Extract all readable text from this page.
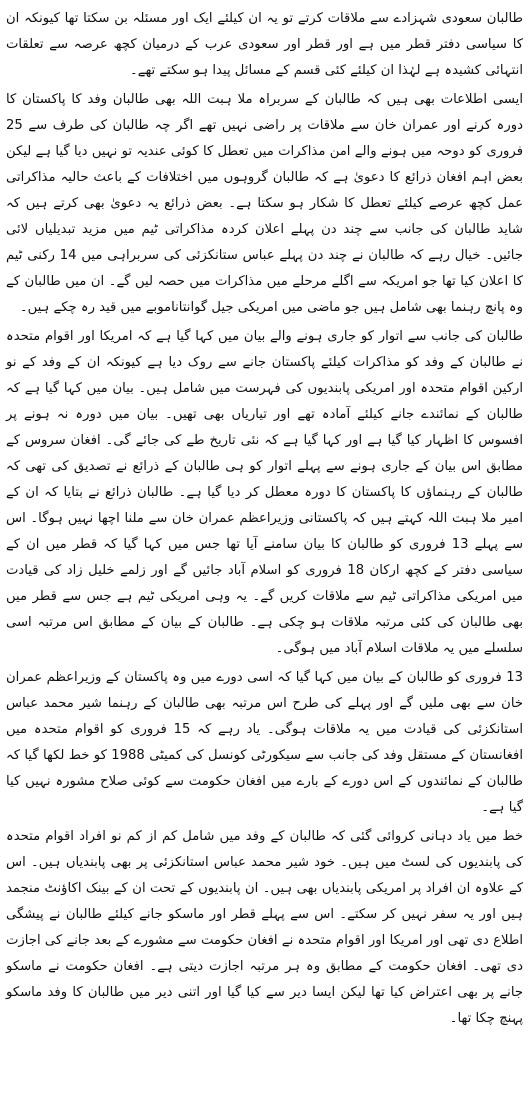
طالبان سعودی شہزادے سے ملاقات کرتے تو یہ ان کیلئے ایک اور مسئلہ بن سکتا تھا کیونکہ ان کا سیاسی دفتر قطر میں ہے اور قطر اور سعودی عرب کے درمیان کچھ عرصہ سے تعلقات انتہائی کشیدہ ہے لہٰذا ان کیلئے کئی قسم کے مسائل پیدا ہو سکتے تھے۔

ایسی اطلاعات بھی ہیں کہ طالبان کے سربراہ ملا ہبت اللہ بھی طالبان وفد کا پاکستان کا دورہ کرنے اور عمران خان سے ملاقات پر راضی نہیں تھے اگر چہ طالبان کی طرف سے 25 فروری کو دوحہ میں ہونے والے امن مذاکرات میں تعطل کا کوئی عندیہ تو نہیں دیا گیا ہے لیکن بعض اہم افغان ذرائع کا دعویٰ ہے کہ طالبان گروہوں میں اختلافات کے باعث حالیہ مذاکراتی عمل کچھ عرصے کیلئے تعطل کا شکار ہو سکتا ہے۔ بعض ذرائع یہ دعویٰ بھی کرتے ہیں کہ شاید طالبان کی جانب سے چند دن پہلے اعلان کردہ مذاکراتی ٹیم میں مزید تبدیلیاں لائی جائیں۔ خیال رہے کہ طالبان نے چند دن پہلے عباس ستانکزئی کی سربراہی میں 14 رکنی ٹیم کا اعلان کیا تھا جو امریکہ سے اگلے مرحلے میں مذاکرات میں حصہ لیں گے۔ ان میں طالبان کے وہ پانچ رہنما بھی شامل ہیں جو ماضی میں امریکی جیل گوانتاناموبے میں قید رہ چکے ہیں۔

طالبان کی جانب سے اتوار کو جاری ہونے والے بیان میں کہا گیا ہے کہ امریکا اور اقوام متحدہ نے طالبان کے وفد کو مذاکرات کیلئے پاکستان جانے سے روک دیا ہے کیونکہ ان کے وفد کے نو ارکین اقوام متحدہ اور امریکی پابندیوں کی فہرست میں شامل ہیں۔ بیان میں کہا گیا ہے کہ طالبان کے نمائندے جانے کیلئے آمادہ تھے اور تیاریاں بھی تھیں۔ بیان میں دورہ نہ ہونے پر افسوس کا اظہار کیا گیا ہے اور کہا گیا ہے کہ نئی تاریخ طے کی جائے گی۔ افغان سروس کے مطابق اس بیان کے جاری ہونے سے پہلے اتوار کو ہی طالبان کے ذرائع نے تصدیق کی تھی کہ طالبان کے رہنماؤں کا پاکستان کا دورہ معطل کر دیا گیا ہے۔ طالبان ذرائع نے بتایا کہ ان کے امیر ملا ہبت اللہ کہتے ہیں کہ پاکستانی وزیراعظم عمران خان سے ملنا اچھا نہیں ہوگا۔ اس سے پہلے 13 فروری کو طالبان کا بیان سامنے آیا تھا جس میں کہا گیا کہ قطر میں ان کے سیاسی دفتر کے کچھ ارکان 18 فروری کو اسلام آباد جائیں گے اور زلمے خلیل زاد کی قیادت میں امریکی مذاکراتی ٹیم سے ملاقات کریں گے۔ یہ وہی امریکی ٹیم ہے جس سے قطر میں بھی طالبان کی کئی مرتبہ ملاقات ہو چکی ہے۔ طالبان کے بیان کے مطابق اس مرتبہ اسی سلسلے میں یہ ملاقات اسلام آباد میں ہوگی۔

13 فروری کو طالبان کے بیان میں کہا گیا کہ اسی دورے میں وہ پاکستان کے وزیراعظم عمران خان سے بھی ملیں گے اور پہلے کی طرح اس مرتبہ بھی طالبان کے رہنما شیر محمد عباس استانکزئی کی قیادت میں یہ ملاقات ہوگی۔ یاد رہے کہ 15 فروری کو اقوام متحدہ میں افغانستان کے مستقل وفد کی جانب سے سیکورٹی کونسل کی کمیٹی 1988 کو خط لکھا گیا کہ طالبان کے نمائندوں کے اس دورے کے بارے میں افغان حکومت سے کوئی صلاح مشورہ نہیں کیا گیا ہے۔

خط میں یاد دہانی کروائی گئی کہ طالبان کے وفد میں شامل کم از کم نو افراد اقوام متحدہ کی پابندیوں کی لسٹ میں ہیں۔ خود شیر محمد عباس استانکزئی پر بھی پابندیاں ہیں۔ اس کے علاوہ ان افراد پر امریکی پابندیاں بھی ہیں۔ ان پابندیوں کے تحت ان کے بینک اکاؤنٹ منجمد ہیں اور یہ سفر نہیں کر سکتے۔ اس سے پہلے قطر اور ماسکو جانے کیلئے طالبان نے پیشگی اطلاع دی تھی اور امریکا اور اقوام متحدہ نے افغان حکومت سے مشورے کے بعد جانے کی اجازت دی تھی۔ افغان حکومت کے مطابق وہ ہر مرتبہ اجازت دیتی ہے۔ افغان حکومت نے ماسکو جانے پر بھی اعتراض کیا تھا لیکن ایسا دیر سے کیا گیا اور اتنی دیر میں طالبان کا وفد ماسکو پہنچ چکا تھا۔
